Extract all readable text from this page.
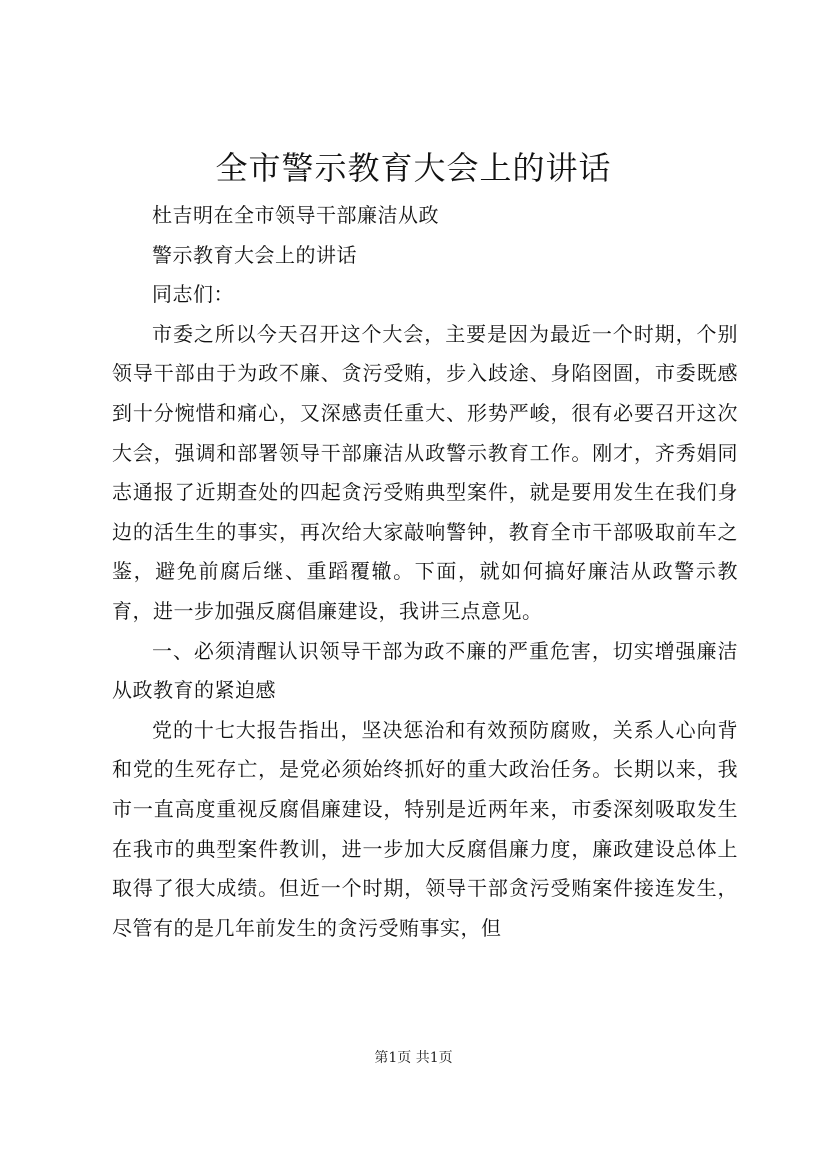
全市警示教育大会上的讲话

杜吉明在全市领导干部廉洁从政

警示教育大会上的讲话

同志们：

市委之所以今天召开这个大会，主要是因为最近一个时期，个别领导干部由于为政不廉、贪污受贿，步入歧途、身陷囹圄，市委既感到十分惋惜和痛心，又深感责任重大、形势严峻，很有必要召开这次大会，强调和部署领导干部廉洁从政警示教育工作。刚才，齐秀娟同志通报了近期查处的四起贪污受贿典型案件，就是要用发生在我们身边的活生生的事实，再次给大家敲响警钟，教育全市干部吸取前车之鉴，避免前腐后继、重蹈覆辙。下面，就如何搞好廉洁从政警示教育，进一步加强反腐倡廉建设，我讲三点意见。

一、必须清醒认识领导干部为政不廉的严重危害，切实增强廉洁从政教育的紧迫感

党的十七大报告指出，坚决惩治和有效预防腐败，关系人心向背和党的生死存亡，是党必须始终抓好的重大政治任务。长期以来，我市一直高度重视反腐倡廉建设，特别是近两年来，市委深刻吸取发生在我市的典型案件教训，进一步加大反腐倡廉力度，廉政建设总体上取得了很大成绩。但近一个时期，领导干部贪污受贿案件接连发生，尽管有的是几年前发生的贪污受贿事实，但

第1页 共1页
